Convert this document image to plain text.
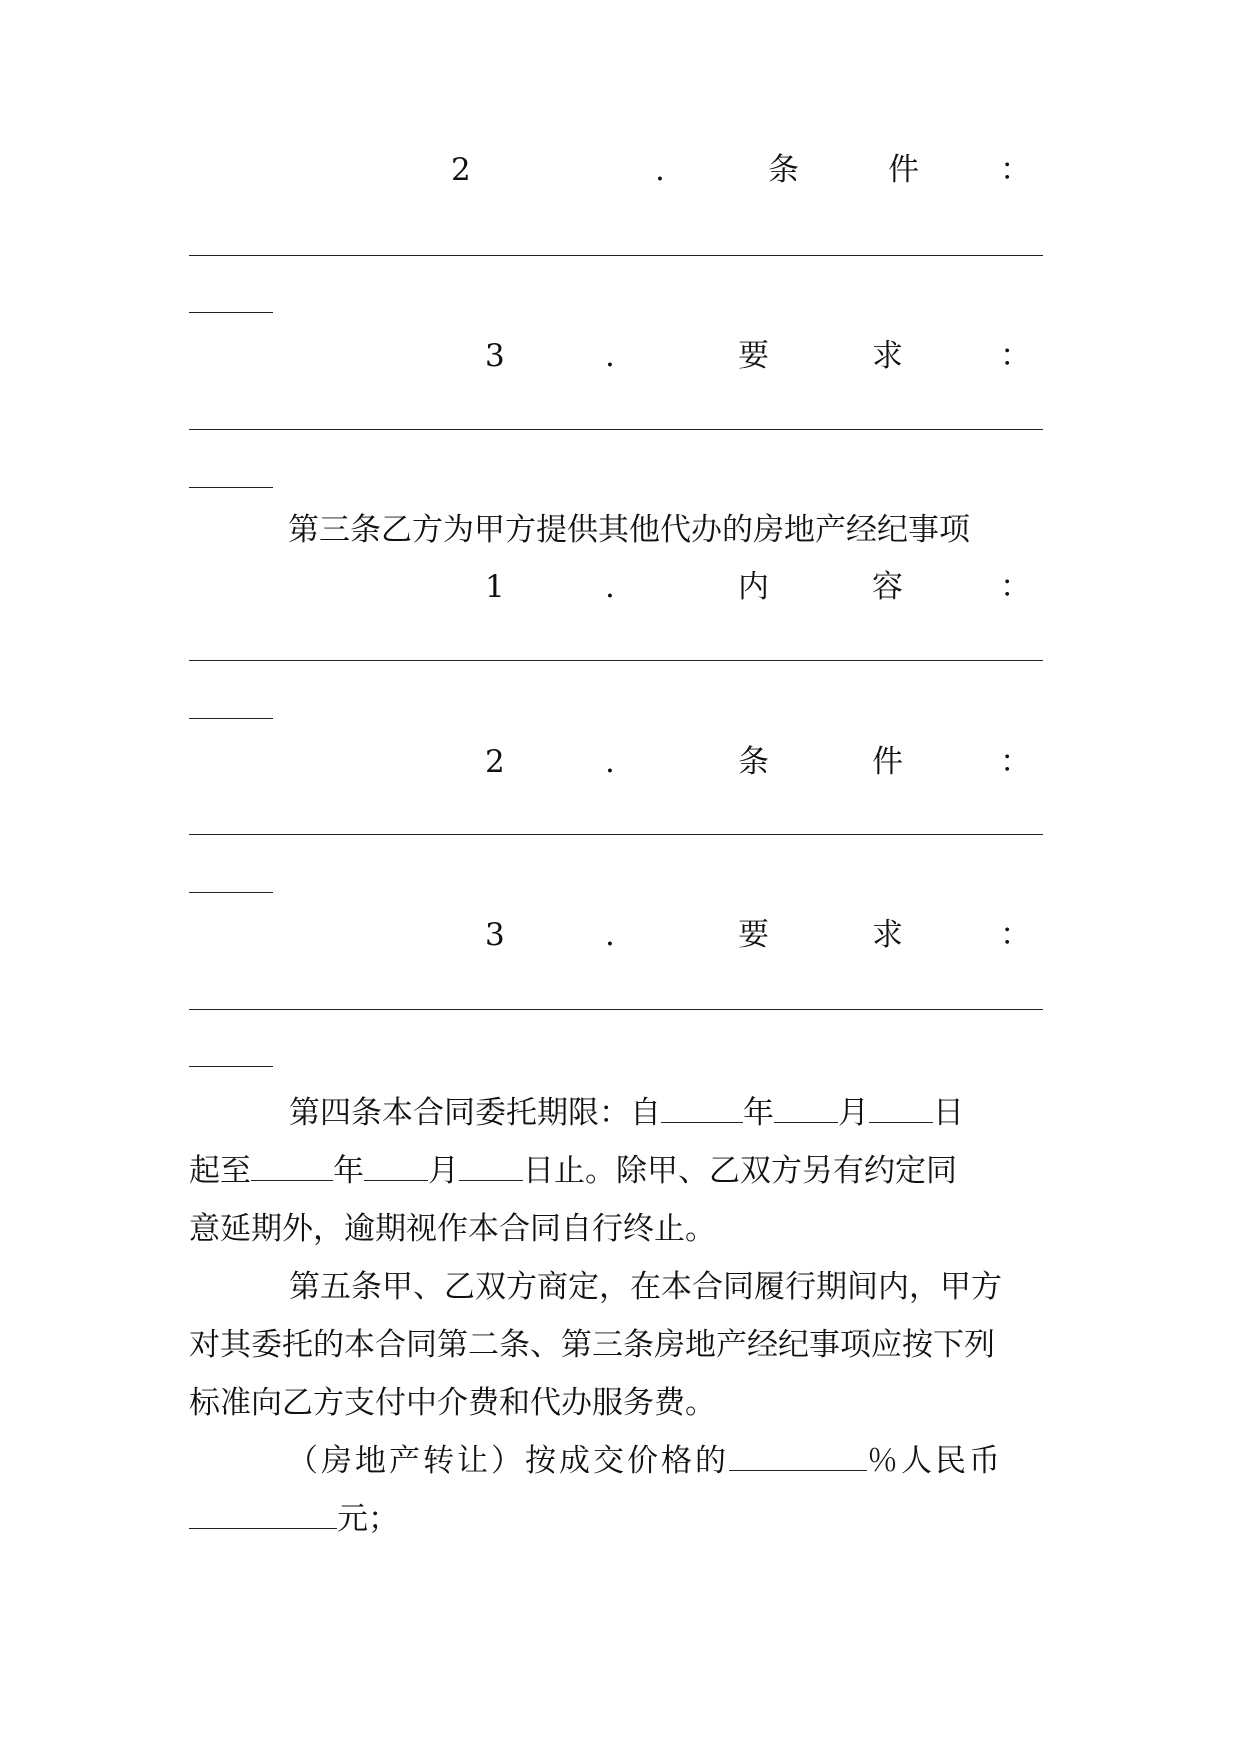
2	.	条	件	：
3	.	要	求	：
第三条乙方为甲方提供其他代办的房地产经纪事项
1	.	内	容	：
2	.	条	件	：
3	.	要	求	：
第四条本合同委托期限：自	年 月 日
起至	年 月 日止。除甲、乙双方另有约定同
意延期外，逾期视作本合同自行终止。
第五条甲、乙双方商定，在本合同履行期间内，甲方
对其委托的本合同第二条、第三条房地产经纪事项应按下列
标准向乙方支付中介费和代办服务费。
（房地产转让）按成交价格的	％人民币
元；
